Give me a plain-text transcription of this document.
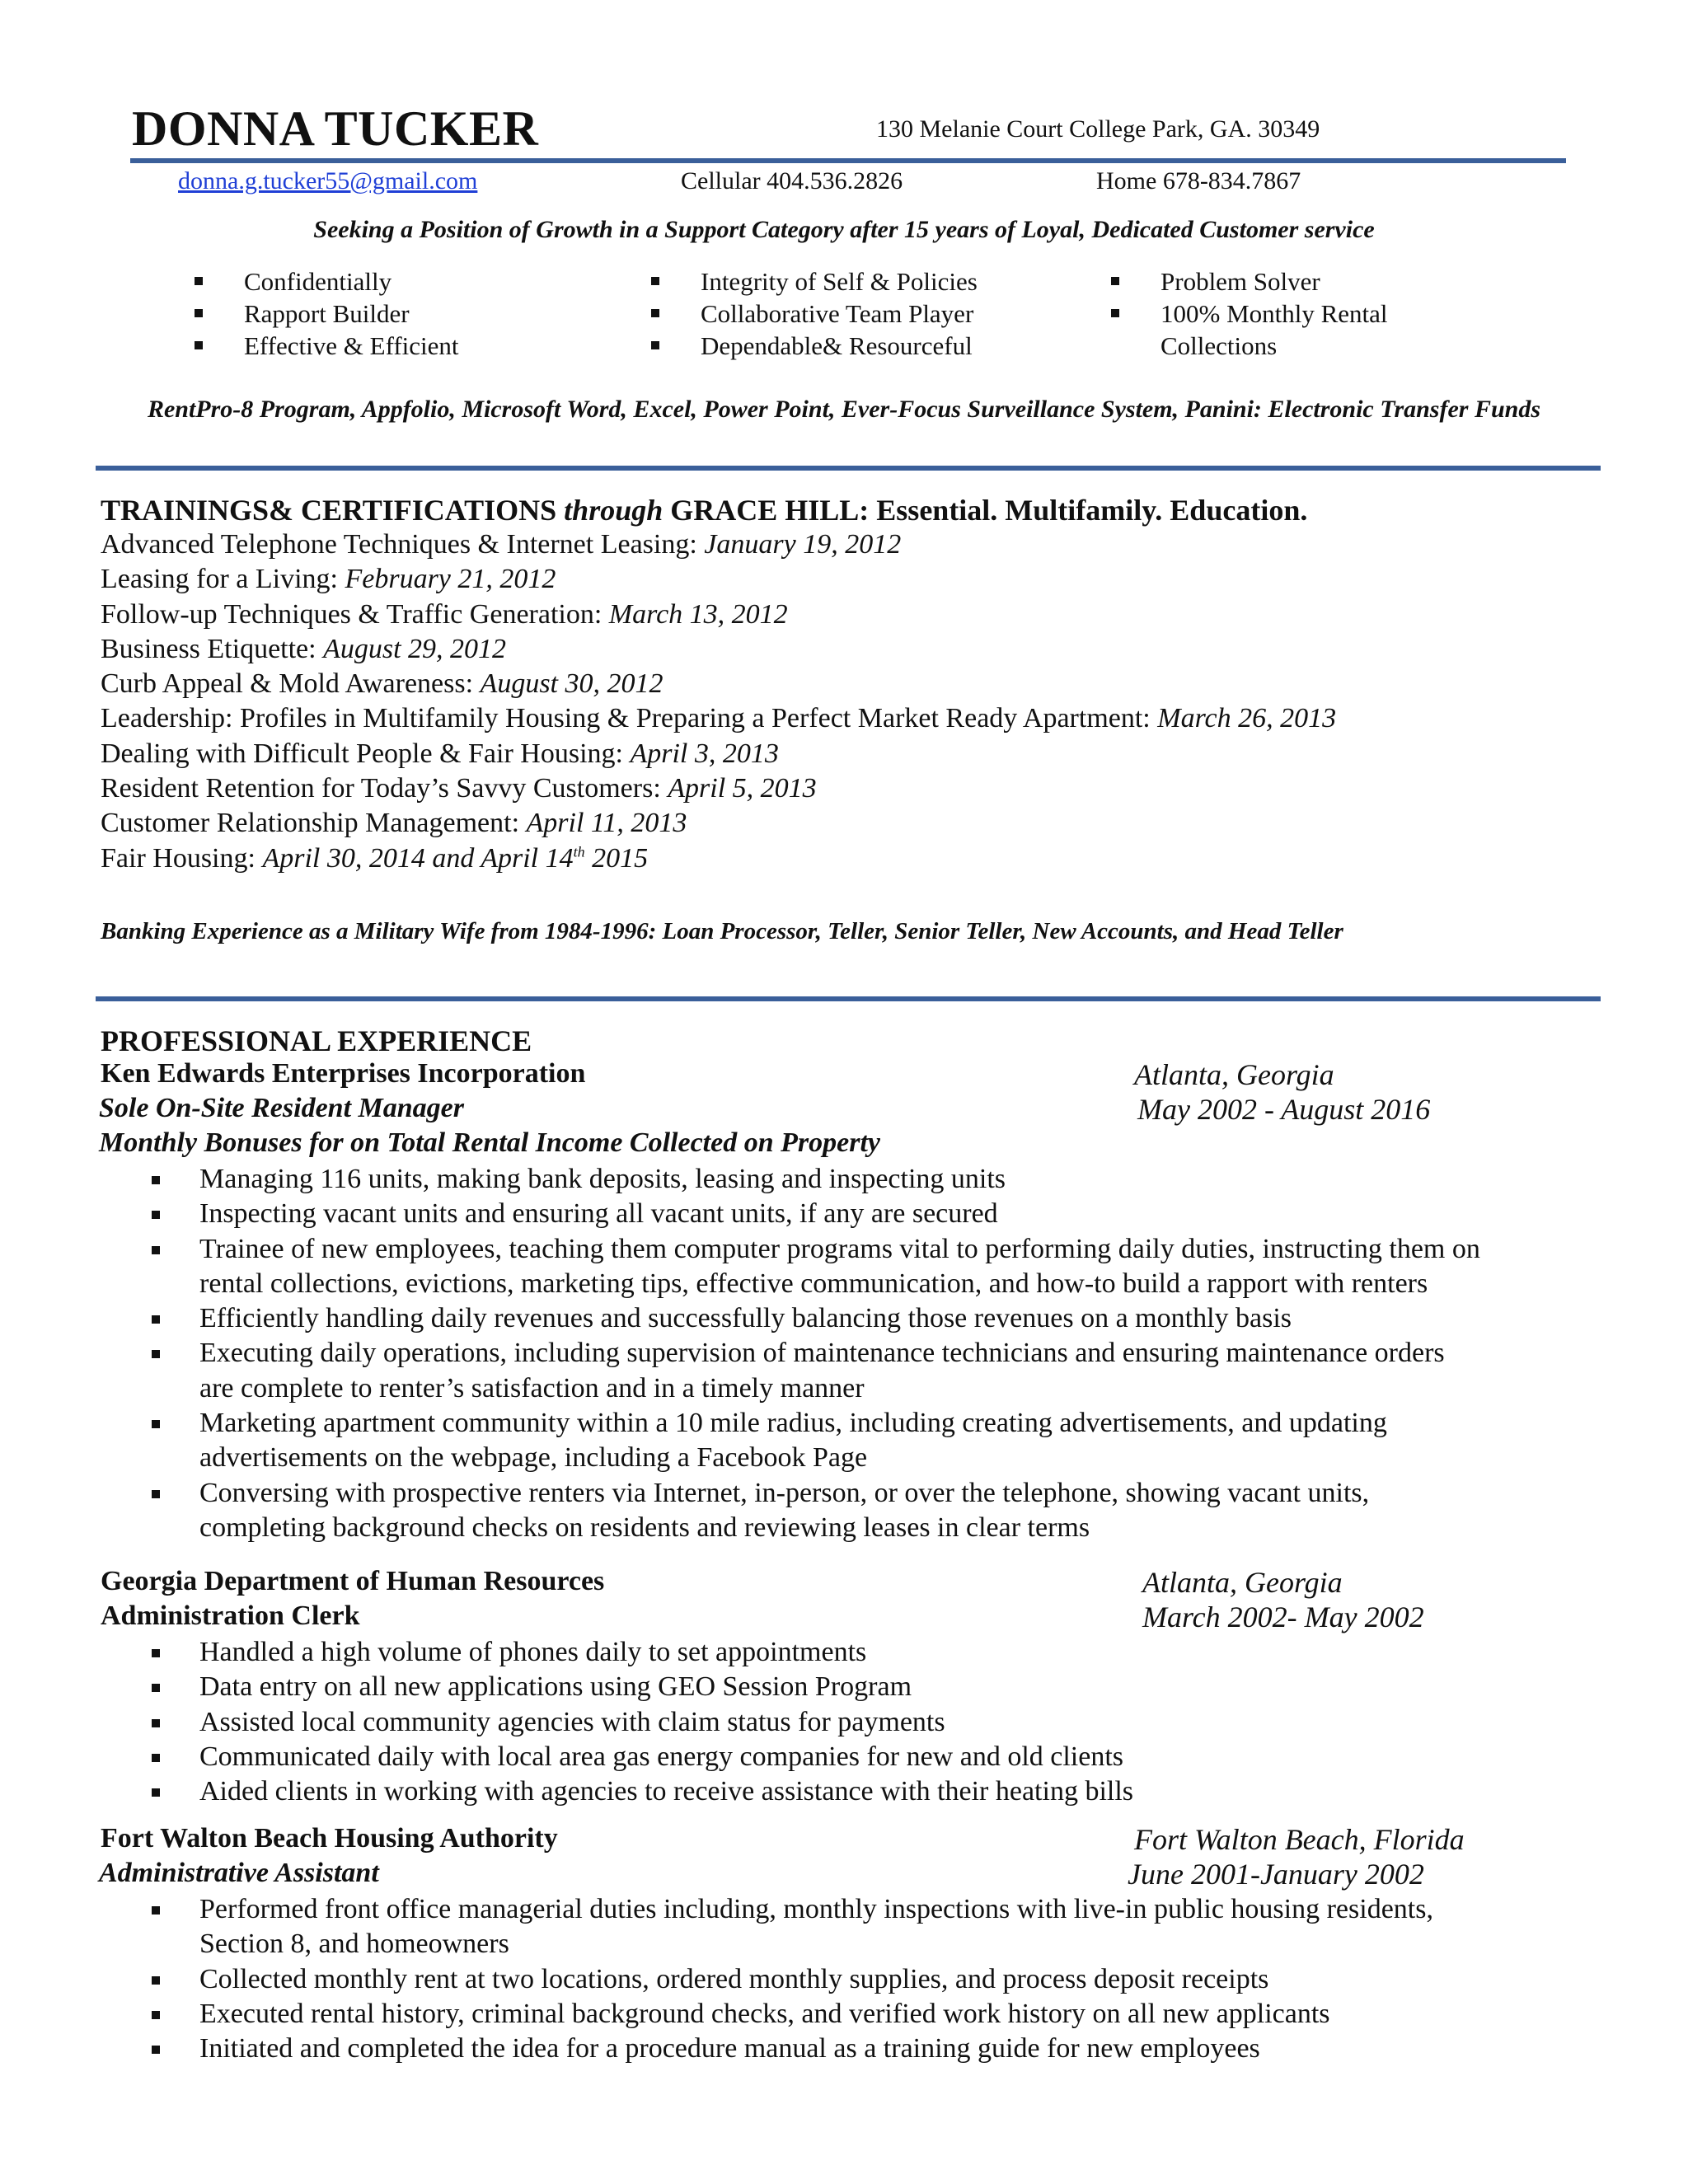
DONNA TUCKER	130 Melanie Court College Park, GA. 30349
donna.g.tucker55@gmail.com	Cellular 404.536.2826	Home 678-834.7867
Seeking a Position of Growth in a Support Category after 15 years of Loyal, Dedicated Customer service
Confidentially
Rapport Builder
Effective & Efficient
Integrity of Self & Policies
Collaborative Team Player
Dependable& Resourceful
Problem Solver
100% Monthly Rental
Collections
RentPro-8 Program, Appfolio, Microsoft Word, Excel, Power Point, Ever-Focus Surveillance System, Panini: Electronic Transfer Funds
TRAININGS& CERTIFICATIONS through GRACE HILL: Essential. Multifamily. Education.
Advanced Telephone Techniques & Internet Leasing: January 19, 2012
Leasing for a Living: February 21, 2012
Follow-up Techniques & Traffic Generation: March 13, 2012
Business Etiquette: August 29, 2012
Curb Appeal & Mold Awareness: August 30, 2012
Leadership: Profiles in Multifamily Housing & Preparing a Perfect Market Ready Apartment: March 26, 2013
Dealing with Difficult People & Fair Housing: April 3, 2013
Resident Retention for Today’s Savvy Customers: April 5, 2013
Customer Relationship Management: April 11, 2013
Fair Housing: April 30, 2014 and April 14th 2015
Banking Experience as a Military Wife from 1984-1996: Loan Processor, Teller, Senior Teller, New Accounts, and Head Teller
PROFESSIONAL EXPERIENCE
Ken Edwards Enterprises Incorporation	Atlanta, Georgia
Sole On-Site Resident Manager	May 2002 - August 2016
Monthly Bonuses for on Total Rental Income Collected on Property
Managing 116 units, making bank deposits, leasing and inspecting units
Inspecting vacant units and ensuring all vacant units, if any are secured
Trainee of new employees, teaching them computer programs vital to performing daily duties, instructing them on
rental collections, evictions, marketing tips, effective communication, and how-to build a rapport with renters
Efficiently handling daily revenues and successfully balancing those revenues on a monthly basis
Executing daily operations, including supervision of maintenance technicians and ensuring maintenance orders
are complete to renter’s satisfaction and in a timely manner
Marketing apartment community within a 10 mile radius, including creating advertisements, and updating
advertisements on the webpage, including a Facebook Page
Conversing with prospective renters via Internet, in-person, or over the telephone, showing vacant units,
completing background checks on residents and reviewing leases in clear terms
Georgia Department of Human Resources	Atlanta, Georgia
Administration Clerk	March 2002- May 2002
Handled a high volume of phones daily to set appointments
Data entry on all new applications using GEO Session Program
Assisted local community agencies with claim status for payments
Communicated daily with local area gas energy companies for new and old clients
Aided clients in working with agencies to receive assistance with their heating bills
Fort Walton Beach Housing Authority	Fort Walton Beach, Florida
Administrative Assistant	June 2001-January 2002
Performed front office managerial duties including, monthly inspections with live-in public housing residents,
Section 8, and homeowners
Collected monthly rent at two locations, ordered monthly supplies, and process deposit receipts
Executed rental history, criminal background checks, and verified work history on all new applicants
Initiated and completed the idea for a procedure manual as a training guide for new employees
